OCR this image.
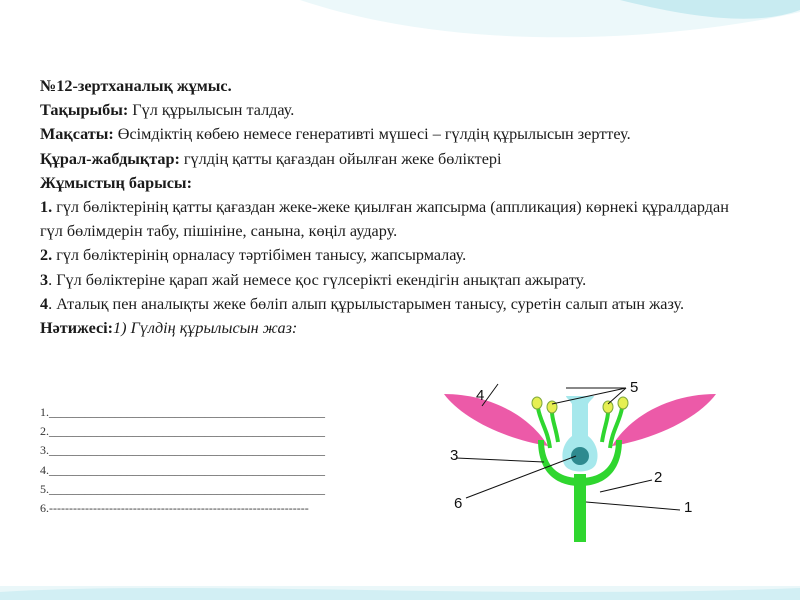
№12-зертханалық жұмыс.

Тақырыбы: Гүл құрылысын талдау.

Мақсаты: Өсімдіктің көбею немесе генеративті мүшесі – гүлдің құрылысын зерттеу.

Құрал-жабдықтар: гүлдің қатты қағаздан ойылған жеке бөліктері

Жұмыстың барысы:

1. гүл бөліктерінің қатты қағаздан жеке-жеке қиылған жапсырма (аппликация) көрнекі құралдардан гүл бөлімдерін табу, пішініне, санына, көңіл аудару.

2. гүл бөліктерінің орналасу тәртібімен танысу, жапсырмалау.

3. Гүл бөліктеріне қарап жай немесе қос гүлсерікті екендігін анықтап ажырату.

4. Аталық пен аналықты жеке бөліп алып құрылыстарымен танысу, суретін салып атын жазу.

Нәтижесі:1) Гүлдің құрылысын жаз:

1.______________________________________________
2.______________________________________________
3.______________________________________________
4.______________________________________________
5.______________________________________________
6.-----------------------------------------------------------------
4	5
3
2
6	1
